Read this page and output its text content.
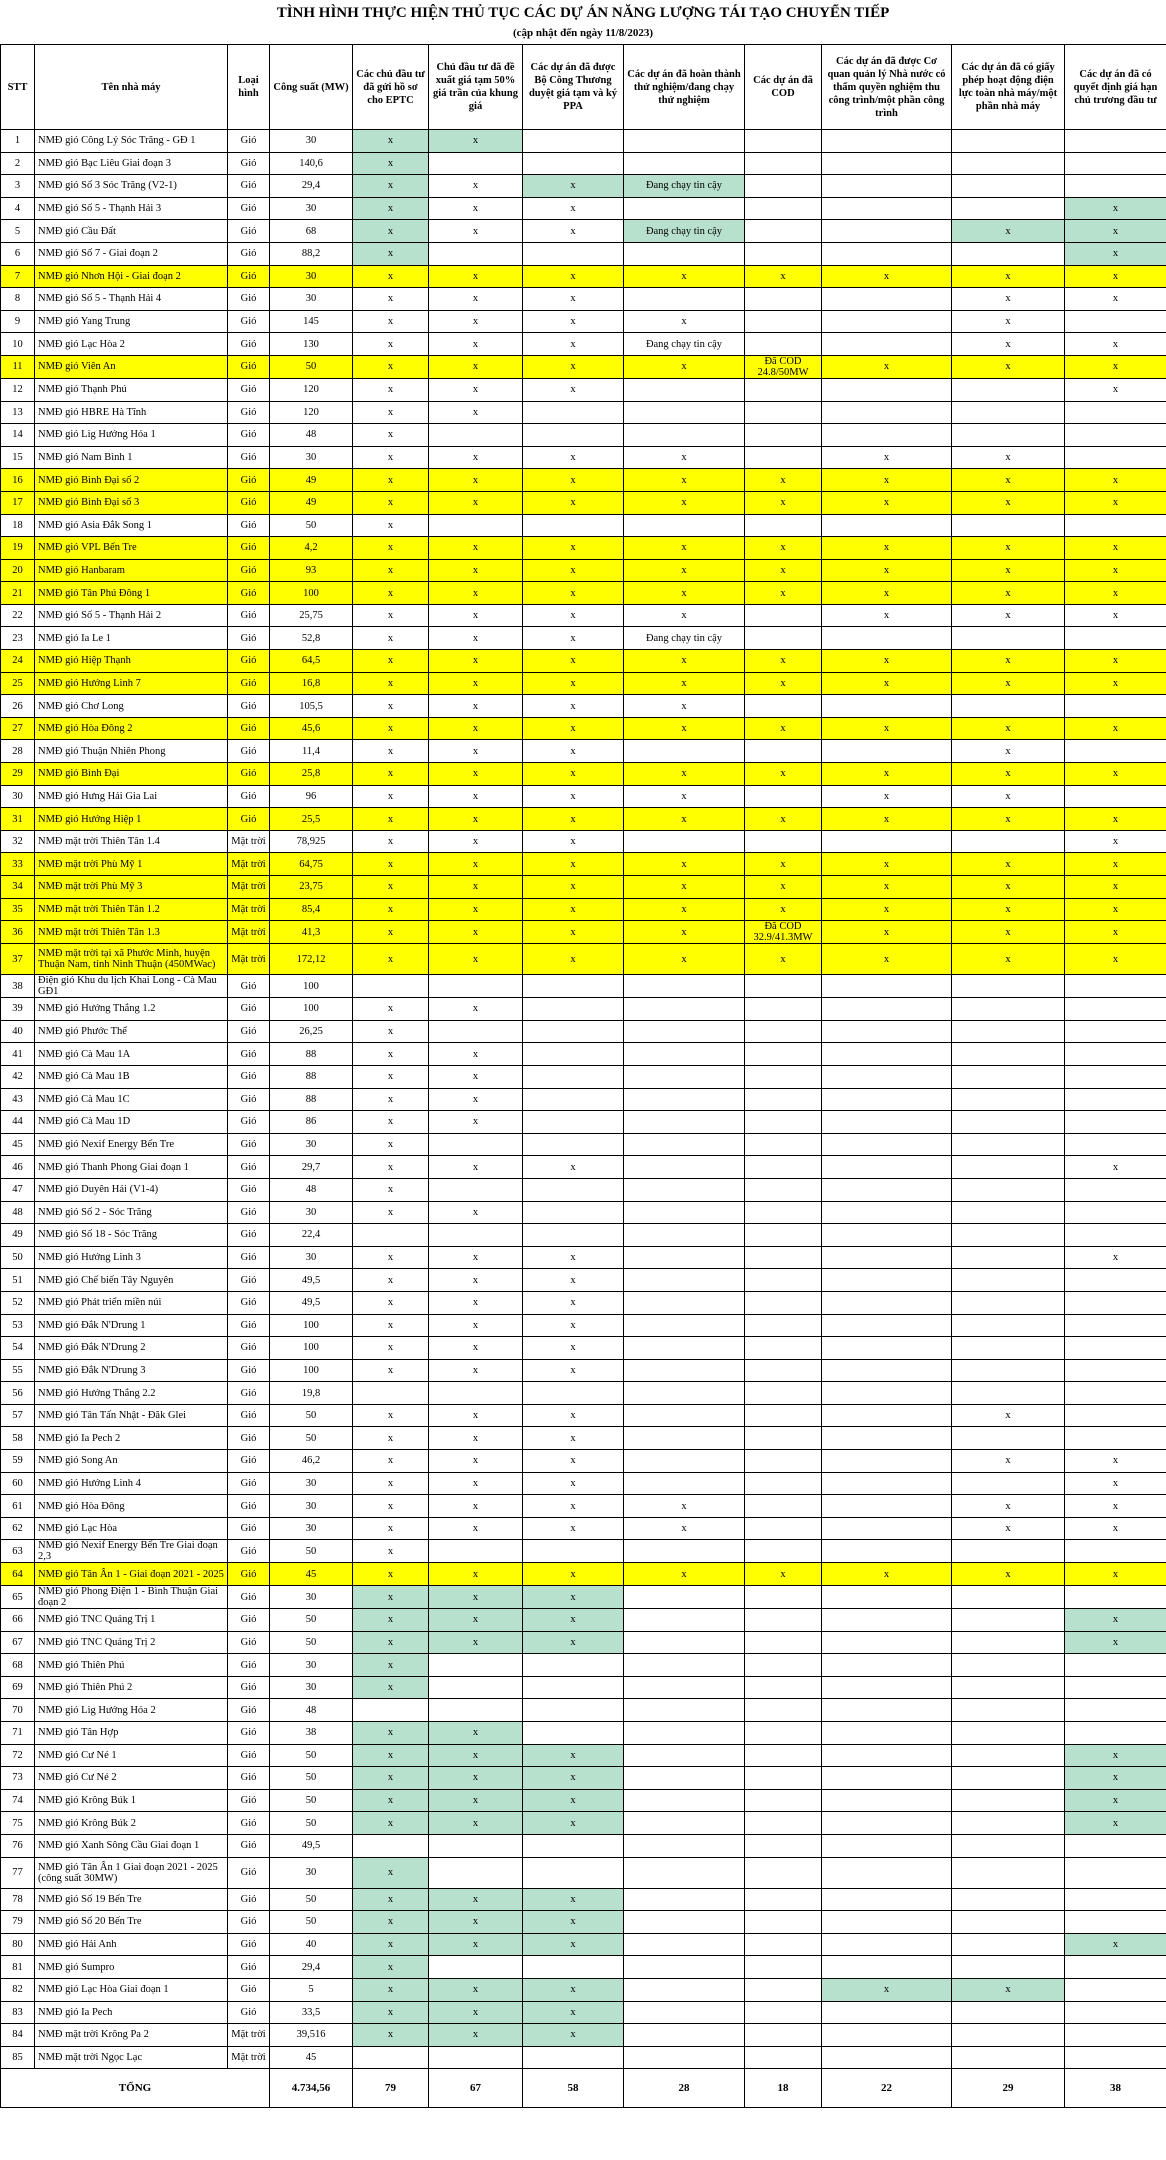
TÌNH HÌNH THỰC HIỆN THỦ TỤC CÁC DỰ ÁN NĂNG LƯỢNG TÁI TẠO CHUYỂN TIẾP
(cập nhật đến ngày 11/8/2023)
STT	Tên nhà máy	Loại hình	Công suất (MW)	Các chủ đầu tư đã gửi hồ sơ cho EPTC	Chủ đầu tư đã đề xuất giá tạm 50% giá trần của khung giá	Các dự án đã được Bộ Công Thương duyệt giá tạm và ký PPA	Các dự án đã hoàn thành thử nghiệm/đang chạy thử nghiệm	Các dự án đã COD	Các dự án đã được Cơ quan quản lý Nhà nước có thẩm quyền nghiệm thu công trình/một phần công trình	Các dự án đã có giấy phép hoạt động điện lực toàn nhà máy/một phần nhà máy	Các dự án đã có quyết định giá hạn chủ trương đầu tư
1	NMĐ gió Công Lý Sóc Trăng - GĐ 1	Gió	30	x	x						
2	NMĐ gió Bạc Liêu Giai đoạn 3	Gió	140,6	x							
3	NMĐ gió Số 3 Sóc Trăng (V2-1)	Gió	29,4	x	x	x	Đang chạy tin cậy				
4	NMĐ gió Số 5 - Thạnh Hải 3	Gió	30	x	x	x					x
5	NMĐ gió Cầu Đất	Gió	68	x	x	x	Đang chạy tin cậy			x	x
6	NMĐ gió Số 7 - Giai đoạn 2	Gió	88,2	x							x
7	NMĐ gió Nhơn Hội - Giai đoạn 2	Gió	30	x	x	x	x	x	x	x	x
8	NMĐ gió Số 5 - Thạnh Hải 4	Gió	30	x	x	x				x	x
9	NMĐ gió Yang Trung	Gió	145	x	x	x	x			x	
10	NMĐ gió Lạc Hòa 2	Gió	130	x	x	x	Đang chạy tin cậy			x	x
11	NMĐ gió Viên An	Gió	50	x	x	x	x	Đã COD 24.8/50MW	x	x	x
12	NMĐ gió Thạnh Phú	Gió	120	x	x	x					x
13	NMĐ gió HBRE Hà Tĩnh	Gió	120	x	x						
14	NMĐ gió Lig Hướng Hóa 1	Gió	48	x							
15	NMĐ gió Nam Bình 1	Gió	30	x	x	x	x		x	x	
16	NMĐ gió Bình Đại số 2	Gió	49	x	x	x	x	x	x	x	x
17	NMĐ gió Bình Đại số 3	Gió	49	x	x	x	x	x	x	x	x
18	NMĐ gió Asia Đắk Song 1	Gió	50	x							
19	NMĐ gió VPL Bến Tre	Gió	4,2	x	x	x	x	x	x	x	x
20	NMĐ gió Hanbaram	Gió	93	x	x	x	x	x	x	x	x
21	NMĐ gió Tân Phú Đông 1	Gió	100	x	x	x	x	x	x	x	x
22	NMĐ gió Số 5 - Thạnh Hải 2	Gió	25,75	x	x	x	x		x	x	x
23	NMĐ gió Ia Le 1	Gió	52,8	x	x	x	Đang chạy tin cậy				
24	NMĐ gió Hiệp Thạnh	Gió	64,5	x	x	x	x	x	x	x	x
25	NMĐ gió Hướng Linh 7	Gió	16,8	x	x	x	x	x	x	x	x
26	NMĐ gió Chơ Long	Gió	105,5	x	x	x	x				
27	NMĐ gió Hòa Đông 2	Gió	45,6	x	x	x	x	x	x	x	x
28	NMĐ gió Thuận Nhiên Phong	Gió	11,4	x	x	x				x	
29	NMĐ gió Bình Đại	Gió	25,8	x	x	x	x	x	x	x	x
30	NMĐ gió Hưng Hải Gia Lai	Gió	96	x	x	x	x		x	x	
31	NMĐ gió Hướng Hiệp 1	Gió	25,5	x	x	x	x	x	x	x	x
32	NMĐ mặt trời Thiên Tân 1.4	Mặt trời	78,925	x	x	x					x
33	NMĐ mặt trời Phù Mỹ 1	Mặt trời	64,75	x	x	x	x	x	x	x	x
34	NMĐ mặt trời Phù Mỹ 3	Mặt trời	23,75	x	x	x	x	x	x	x	x
35	NMĐ mặt trời Thiên Tân 1.2	Mặt trời	85,4	x	x	x	x	x	x	x	x
36	NMĐ mặt trời Thiên Tân 1.3	Mặt trời	41,3	x	x	x	x	Đã COD 32.9/41.3MW	x	x	x
37	NMĐ mặt trời tại xã Phước Minh, huyện Thuận Nam, tỉnh Ninh Thuận (450MWac)	Mặt trời	172,12	x	x	x	x	x	x	x	x
38	Điện gió Khu du lịch Khai Long - Cà Mau GĐ1	Gió	100								
39	NMĐ gió Hướng Thắng 1.2	Gió	100	x	x						
40	NMĐ gió Phước Thể	Gió	26,25	x							
41	NMĐ gió Cà Mau 1A	Gió	88	x	x						
42	NMĐ gió Cà Mau 1B	Gió	88	x	x						
43	NMĐ gió Cà Mau 1C	Gió	88	x	x						
44	NMĐ gió Cà Mau 1D	Gió	86	x	x						
45	NMĐ gió Nexif Energy Bến Tre	Gió	30	x							
46	NMĐ gió Thanh Phong Giai đoạn 1	Gió	29,7	x	x	x					x
47	NMĐ gió Duyên Hải (V1-4)	Gió	48	x							
48	NMĐ gió Số 2 - Sóc Trăng	Gió	30	x	x						
49	NMĐ gió Số 18 - Sóc Trăng	Gió	22,4								
50	NMĐ gió Hướng Linh 3	Gió	30	x	x	x					x
51	NMĐ gió Chế biến Tây Nguyên	Gió	49,5	x	x	x					
52	NMĐ gió Phát triển miền núi	Gió	49,5	x	x	x					
53	NMĐ gió Đắk N'Drung 1	Gió	100	x	x	x					
54	NMĐ gió Đắk N'Drung 2	Gió	100	x	x	x					
55	NMĐ gió Đắk N'Drung 3	Gió	100	x	x	x					
56	NMĐ gió Hướng Thắng 2.2	Gió	19,8								
57	NMĐ gió Tân Tấn Nhật - Đăk Glei	Gió	50	x	x	x				x	
58	NMĐ gió Ia Pech 2	Gió	50	x	x	x					
59	NMĐ gió Song An	Gió	46,2	x	x	x				x	x
60	NMĐ gió Hướng Linh 4	Gió	30	x	x	x					x
61	NMĐ gió Hòa Đông	Gió	30	x	x	x	x			x	x
62	NMĐ gió Lạc Hòa	Gió	30	x	x	x	x			x	x
63	NMĐ gió Nexif Energy Bến Tre Giai đoạn 2,3	Gió	50	x							
64	NMĐ gió Tân Ân 1 - Giai đoạn 2021 - 2025	Gió	45	x	x	x	x	x	x	x	x
65	NMĐ gió Phong Điện 1 - Bình Thuận Giai đoạn 2	Gió	30	x	x	x					
66	NMĐ gió TNC Quảng Trị 1	Gió	50	x	x	x					x
67	NMĐ gió TNC Quảng Trị 2	Gió	50	x	x	x					x
68	NMĐ gió Thiên Phú	Gió	30	x							
69	NMĐ gió Thiên Phú 2	Gió	30	x							
70	NMĐ gió Lig Hướng Hóa 2	Gió	48								
71	NMĐ gió Tân Hợp	Gió	38	x	x						
72	NMĐ gió Cư Né 1	Gió	50	x	x	x					x
73	NMĐ gió Cư Né 2	Gió	50	x	x	x					x
74	NMĐ gió Krông Búk 1	Gió	50	x	x	x					x
75	NMĐ gió Krông Búk 2	Gió	50	x	x	x					x
76	NMĐ gió Xanh Sông Cầu Giai đoạn 1	Gió	49,5								
77	NMĐ gió Tân Ân 1 Giai đoạn 2021 - 2025 (công suất 30MW)	Gió	30	x							
78	NMĐ gió Số 19 Bến Tre	Gió	50	x	x	x					
79	NMĐ gió Số 20 Bến Tre	Gió	50	x	x	x					
80	NMĐ gió Hải Anh	Gió	40	x	x	x					x
81	NMĐ gió Sumpro	Gió	29,4	x							
82	NMĐ gió Lạc Hòa Giai đoạn 1	Gió	5	x	x	x			x	x	
83	NMĐ gió Ia Pech	Gió	33,5	x	x	x					
84	NMĐ mặt trời Krông Pa 2	Mặt trời	39,516	x	x	x					
85	NMĐ mặt trời Ngọc Lạc	Mặt trời	45								
TỔNG			4.734,56	79	67	58	28	18	22	29	38
